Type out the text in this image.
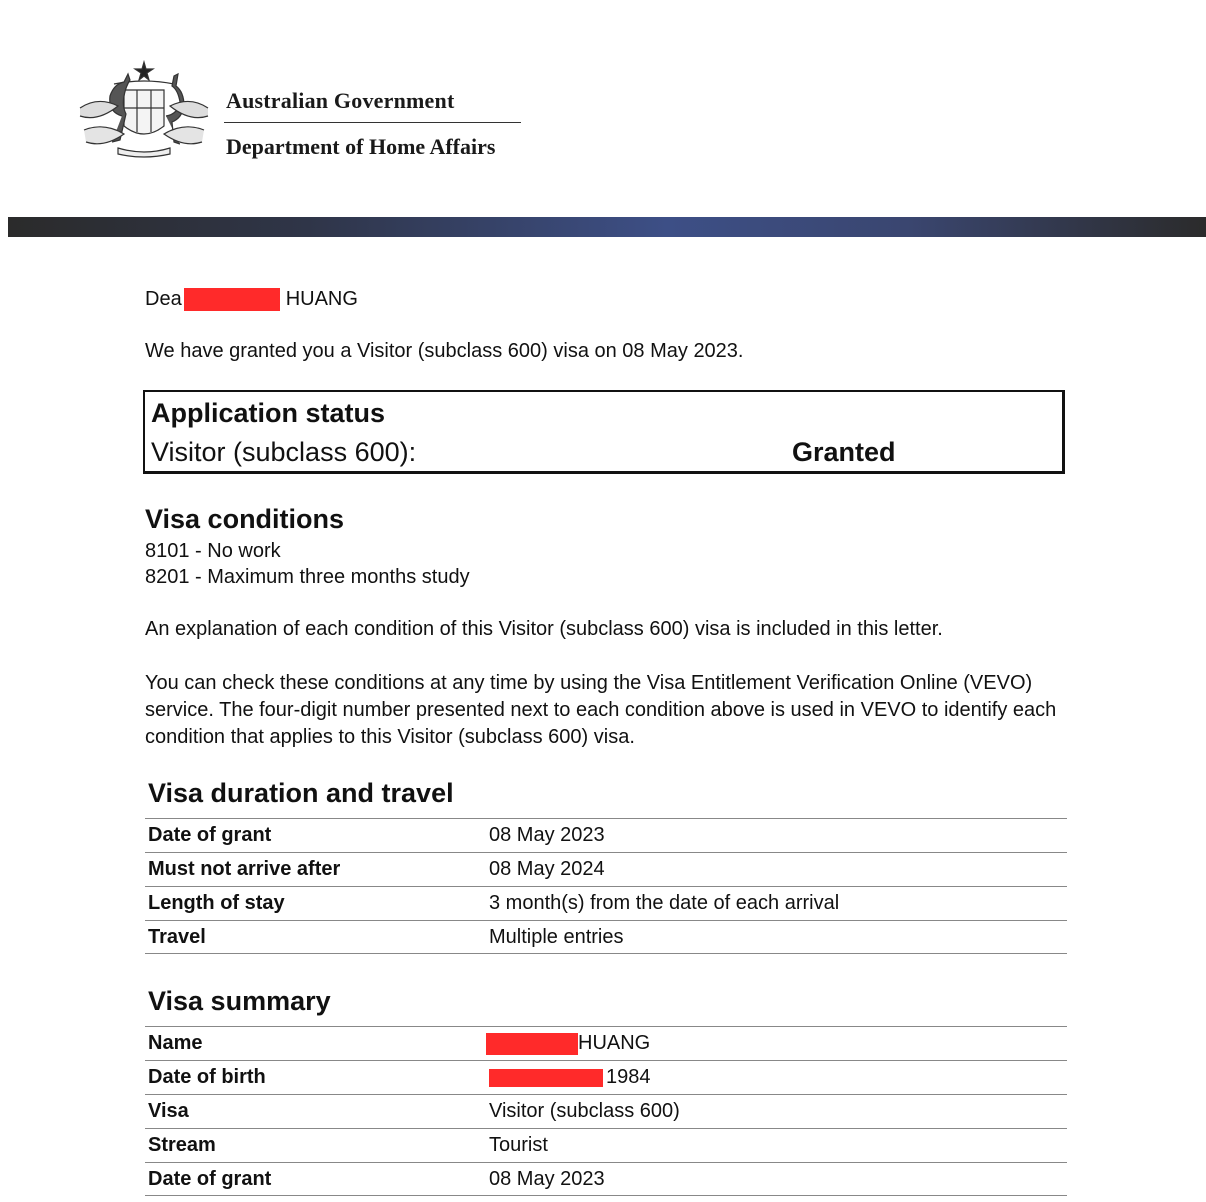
Australian Government
Department of Home Affairs
Dea	HUANG
We have granted you a Visitor (subclass 600) visa on 08 May 2023.
Application status
Visitor (subclass 600):	Granted
Visa conditions
8101 - No work
8201 - Maximum three months study
An explanation of each condition of this Visitor (subclass 600) visa is included in this letter.
You can check these conditions at any time by using the Visa Entitlement Verification Online (VEVO) service. The four-digit number presented next to each condition above is used in VEVO to identify each condition that applies to this Visitor (subclass 600) visa.
Visa duration and travel
Date of grant	08 May 2023
Must not arrive after	08 May 2024
Length of stay	3 month(s) from the date of each arrival
Travel	Multiple entries
Visa summary
Name	HUANG
Date of birth	1984
Visa	Visitor (subclass 600)
Stream	Tourist
Date of grant	08 May 2023
